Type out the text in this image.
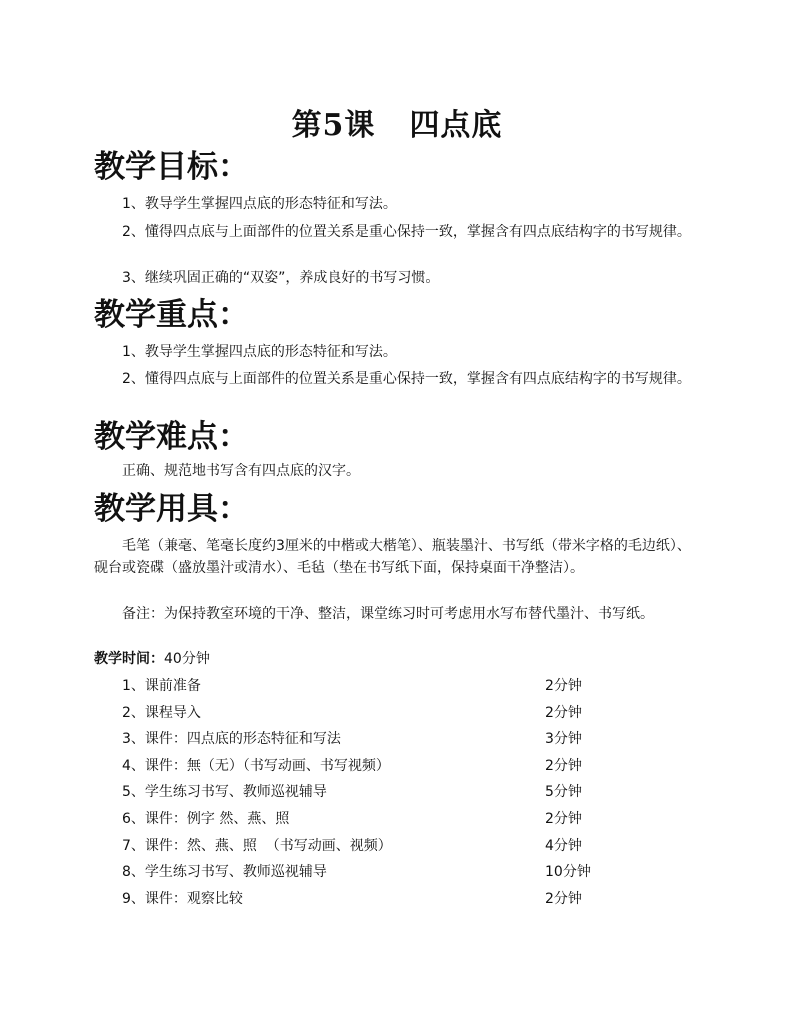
第5课 四点底
教学目标：
1、教导学生掌握四点底的形态特征和写法。
2、懂得四点底与上面部件的位置关系是重心保持一致，掌握含有四点底结构字的书写规律。
3、继续巩固正确的“双姿”，养成良好的书写习惯。
教学重点：
1、教导学生掌握四点底的形态特征和写法。
2、懂得四点底与上面部件的位置关系是重心保持一致，掌握含有四点底结构字的书写规律。
教学难点：
正确、规范地书写含有四点底的汉字。
教学用具：
毛笔（兼毫、笔毫长度约3厘米的中楷或大楷笔）、瓶装墨汁、书写纸（带米字格的毛边纸）、砚台或瓷碟（盛放墨汁或清水）、毛毡（垫在书写纸下面，保持桌面干净整洁）。
备注：为保持教室环境的干净、整洁，课堂练习时可考虑用水写布替代墨汁、书写纸。
教学时间：40分钟
1、课前准备	2分钟
2、课程导入	2分钟
3、课件：四点底的形态特征和写法	3分钟
4、课件：無（无）（书写动画、书写视频）	2分钟
5、学生练习书写、教师巡视辅导	5分钟
6、课件：例字 然、燕、照	2分钟
7、课件：然、燕、照  （书写动画、视频）	4分钟
8、学生练习书写、教师巡视辅导	10分钟
9、课件：观察比较	2分钟
